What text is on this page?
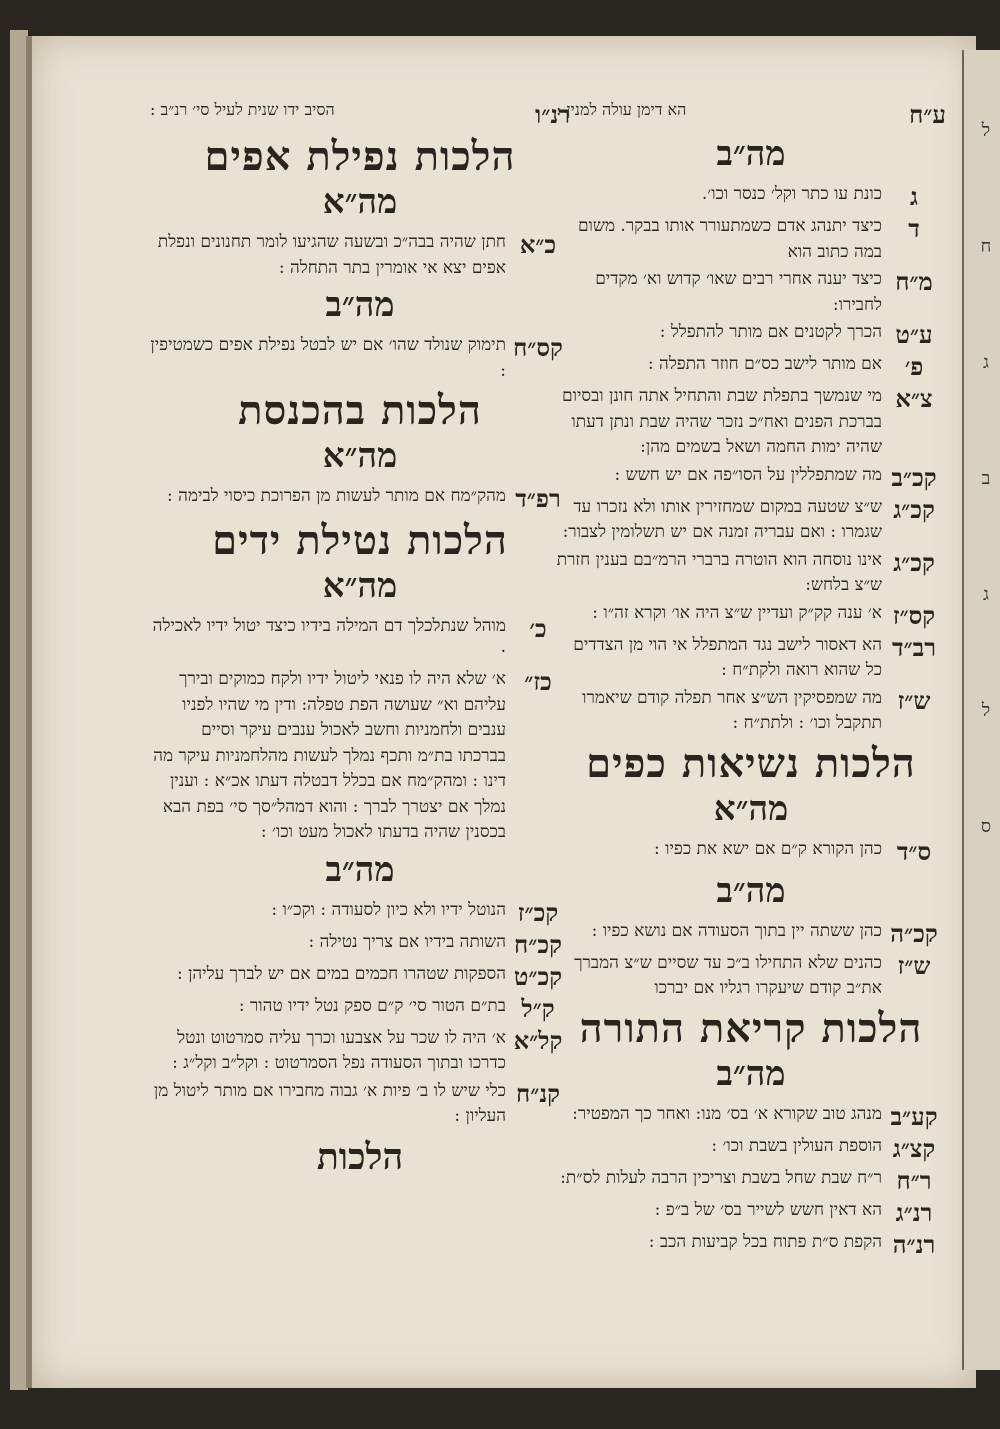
ל
ח
ג
ב
ג
ל
ס
ע״ח
הא דימן עולה למנין :
מה״ב
ג
כונת עו כתר וקל׳ כנסר וכו׳.
ד
כיצד יתנהג אדם כשמתעורר אותו בבקר. משום במה כתוב הוא
מ״ח
כיצד יענה אחרי רבים שאו׳ קדוש וא׳ מקדים לחבירו:
ע״ט
הכרך לקטנים אם מותר להתפלל :
פ׳
אם מותר לישב כס״ם חוזר התפלה :
צ״א
מי שנמשך בתפלת שבת והתחיל אתה חונן ובסיום בברכת הפנים ואח״כ נזכר שהיה שבת ונתן דעתו שהיה ימות החמה ושאל בשמים מהן:
קכ״ב
מה שמתפללין על הסו״פה אם יש חשש :
קכ״ג
ש״צ שטעה במקום שמחזירין אותו ולא נזכרו עד שגמרו : ואם עבריה זמנה אם יש תשלומין לצבור:
קכ״ג
אינו נוסחה הוא הוטרה ברברי הרמ״בם בענין חזרת ש״צ בלחש:
קס״ז
א׳ ענה קק״ק ועדיין ש״צ היה או׳ וקרא זה״ו :
רב״ד
הא דאסור לישב נגד המתפלל אי הוי מן הצדדים כל שהוא רואה ולקת״ח :
ש״ז
מה שמפסיקין הש״צ אחר תפלה קודם שיאמרו תתקבל וכו׳ : ולתת״ח :
הלכות נשיאות כפים
מה״א
ס״ד
כהן הקורא ק״ם אם ישא את כפיו :
מה״ב
קכ״ה
כהן ששתה יין בתוך הסעודה אם נושא כפיו :
ש״ז
כהנים שלא התחילו ב״כ עד שסיים ש״צ המברך את״ב קודם שיעקרו רגליו אם יברכו
הלכות קריאת התורה
מה״ב
קע״ב
מנהג טוב שקורא א׳ בס׳ מנו: ואחר כך המפטיר:
קצ״ג
הוספת העולין בשבת וכו׳ :
ר״ח
ר״ח שבת שחל בשבת וצריכין הרבה לעלות לס״ת:
רנ״ג
הא דאין חשש לשייר בס׳ של ב״פ :
רנ״ה
הקפת ס״ת פתוח בכל קביעות הכב :
רנ״ו
הסיב ידו שנית לעיל סי׳ רנ״ב :
הלכות נפילת אפים
מה״א
כ״א
חתן שהיה בבה״כ ובשעה שהגיעו לומר תחנונים ונפלת אפים יצא אי אומרין בתר התחלה :
מה״ב
קס״ח
תימוק שנולד שהו׳ אם יש לבטל נפילת אפים כשמטיפין :
הלכות בהכנסת
מה״א
רפ״ד
מהק״מח אם מותר לעשות מן הפרוכת כיסוי לבימה :
הלכות נטילת ידים
מה״א
כ׳
מוהל שנתלכלך דם המילה בידיו כיצד יטול ידיו לאכילה ·
כז״
א׳ שלא היה לו פנאי ליטול ידיו ולקח כמוקים ובירך עליהם וא״ שעושה הפת טפלה: ודין מי שהיו לפניו ענבים ולחמניות וחשב לאכול ענבים עיקר וסיים בברכתו בת״מ ותכף נמלך לעשות מהלחמניות עיקר מה דינו : ומהק״מח אם בכלל דבטלה דעתו אכ״א : וענין נמלך אם יצטרך לברך : והוא דמהל״סך סי׳ בפת הבא בכסנין שהיה בדעתו לאכול מעט וכו׳ :
מה״ב
קכ״ז
הנוטל ידיו ולא כיון לסעודה : וקכ״ו :
קכ״ח
השותה בידיו אם צריך נטילה :
קכ״ט
הספקות שטהרו חכמים במים אם יש לברך עליהן :
ק״ל
בת״ם הטור סי׳ ק״ם ספק נטל ידיו טהור :
קל״א
א׳ היה לו שכר על אצבעו וכרך עליה סמרטוט ונטל כדרכו ובתוך הסעודה נפל הסמרטוט : וקל״ב וקל״ג :
קנ״ח
כלי שיש לו ב׳ פיות א׳ גבוה מחבירו אם מותר ליטול מן העליון :
הלכות
